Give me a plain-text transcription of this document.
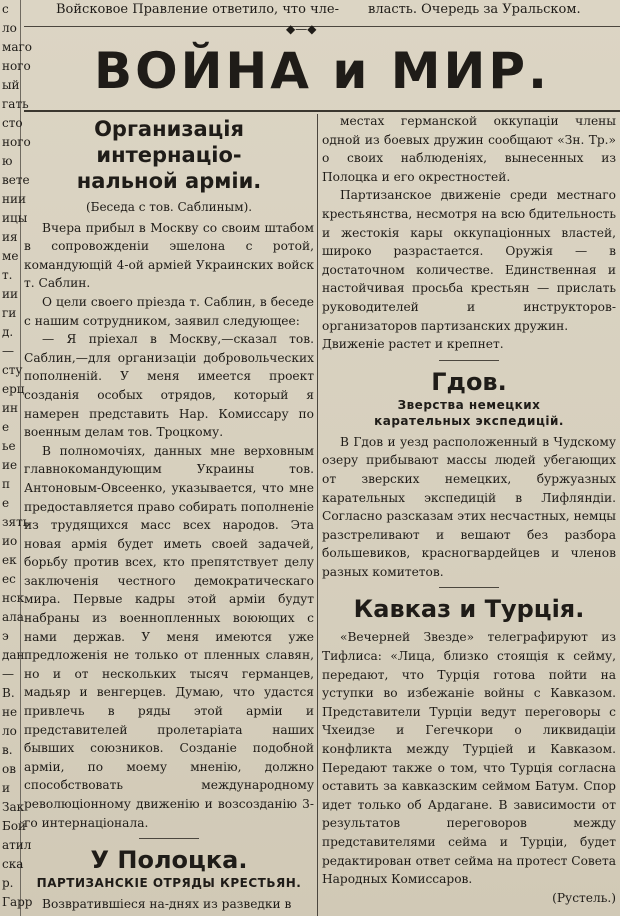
с
ло
маго
ного
ый
гать
сто
ного
ю
вете
нии
ицы
ия
ме
т.
ии
ги
д.
—
сту
ерц
ин
е
ье
ие
п
е
зять
ио
ек
ес
нск
ала
э
дан
—
В.
не
ло
в.
ов
и
Зак
Бой
атил
ска
р.
Гарр
Войсковое Правление ответило, что чле- власть. Очередь за Уральском.
◆—◆
ВОЙНА и МИР.
Организація интернаціо-
нальной арміи.
(Беседа с тов. Саблиным).

Вчера прибыл в Москву со своим штабом в сопровожденіи эшелона с ротой, командующій 4-ой арміей Украинских войск т. Саблин.

О цели своего пріезда т. Саблин, в беседе с нашим сотрудником, заявил следующее:

— Я пріехал в Москву,—сказал тов. Саблин,—для организаціи добровольческих пополненій. У меня имеется проект созданія особых отрядов, который я намерен представить Нар. Комиссару по военным делам тов. Троцкому.

В полномочіях, данных мне верховным главнокомандующим Украины тов. Антоновым-Овсеенко, указывается, что мне предоставляется право собирать пополненіе из трудящихся масс всех народов. Эта новая армія будет иметь своей задачей, борьбу против всех, кто препятствует делу заключенія честного демократическаго мира. Первые кадры этой арміи будут набраны из военнопленных воюющих с нами держав. У меня имеются уже предложенія не только от пленных славян, но и от нескольких тысяч германцев, мадьяр и венгерцев. Думаю, что удастся привлечь в ряды этой арміи и представителей пролетаріата наших бывших союзников. Созданіе подобной арміи, по моему мненію, должно способствовать международному революціонному движенію и возсозданію 3-го интернаціонала.

У Полоцка.
ПАРТИЗАНСКІЕ ОТРЯДЫ КРЕСТЬЯН.

Возвратившіеся на-днях из разведки в

местах германской оккупаціи члены одной из боевых дружин сообщают «Зн. Тр.» о своих наблюденіях, вынесенных из Полоцка и его окрестностей.

Партизанское движеніе среди местнаго крестьянства, несмотря на всю бдительность и жестокія кары оккупаціонных властей, широко разрастается. Оружія — в достаточном количестве. Единственная и настойчивая просьба крестьян — прислать руководителей и инструкторов-организаторов партизанских дружин.

Движеніе растет и крепнет.

Гдов.
Зверства немецких карательных экспедицій.

В Гдов и уезд расположенный в Чудскому озеру прибывают массы людей убегающих от зверских немецких, буржуазных карательных экспедицій в Лифляндіи. Согласно разсказам этих несчастных, немцы разстреливают и вешают без разбора большевиков, красногвардейцев и членов разных комитетов.

Кавказ и Турція.

«Вечерней Звезде» телеграфируют из Тифлиса: «Лица, близко стоящія к сейму, передают, что Турція готова пойти на уступки во избежаніе войны с Кавказом. Представители Турціи ведут переговоры с Чхеидзе и Гегечкори о ликвидаціи конфликта между Турціей и Кавказом. Передают также о том, что Турція согласна оставить за кавказским сеймом Батум. Спор идет только об Ардагане. В зависимости от результатов переговоров между представителями сейма и Турціи, будет редактирован ответ сейма на протест Совета Народных Комиссаров.

(Рустель.)
